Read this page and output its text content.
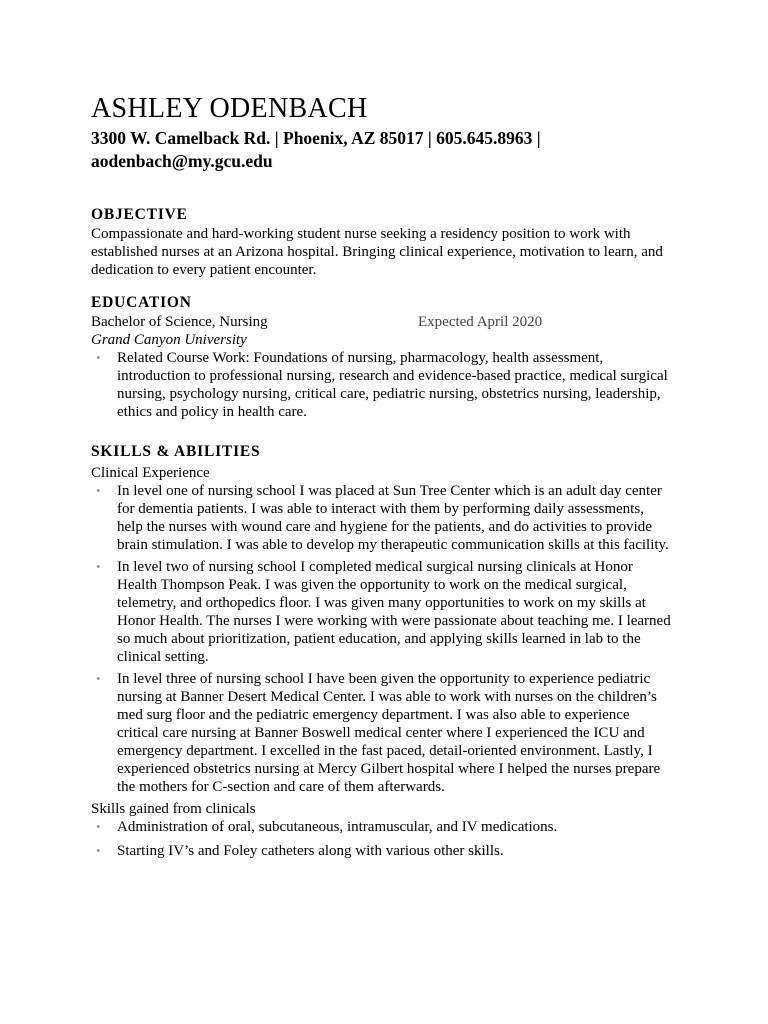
ASHLEY ODENBACH
3300 W. Camelback Rd. | Phoenix, AZ 85017 | 605.645.8963 |
aodenbach@my.gcu.edu
OBJECTIVE

Compassionate and hard-working student nurse seeking a residency position to work with established nurses at an Arizona hospital. Bringing clinical experience, motivation to learn, and dedication to every patient encounter.

EDUCATION
Bachelor of Science, Nursing	Expected April 2020
Grand Canyon University
• Related Course Work: Foundations of nursing, pharmacology, health assessment, introduction to professional nursing, research and evidence-based practice, medical surgical nursing, psychology nursing, critical care, pediatric nursing, obstetrics nursing, leadership, ethics and policy in health care.
SKILLS & ABILITIES
Clinical Experience
• In level one of nursing school I was placed at Sun Tree Center which is an adult day center for dementia patients. I was able to interact with them by performing daily assessments, help the nurses with wound care and hygiene for the patients, and do activities to provide brain stimulation. I was able to develop my therapeutic communication skills at this facility.
• In level two of nursing school I completed medical surgical nursing clinicals at Honor Health Thompson Peak. I was given the opportunity to work on the medical surgical, telemetry, and orthopedics floor. I was given many opportunities to work on my skills at Honor Health. The nurses I were working with were passionate about teaching me. I learned so much about prioritization, patient education, and applying skills learned in lab to the clinical setting.
• In level three of nursing school I have been given the opportunity to experience pediatric nursing at Banner Desert Medical Center. I was able to work with nurses on the children’s med surg floor and the pediatric emergency department. I was also able to experience critical care nursing at Banner Boswell medical center where I experienced the ICU and emergency department. I excelled in the fast paced, detail-oriented environment. Lastly, I experienced obstetrics nursing at Mercy Gilbert hospital where I helped the nurses prepare the mothers for C-section and care of them afterwards.
Skills gained from clinicals
• Administration of oral, subcutaneous, intramuscular, and IV medications.
• Starting IV’s and Foley catheters along with various other skills.
